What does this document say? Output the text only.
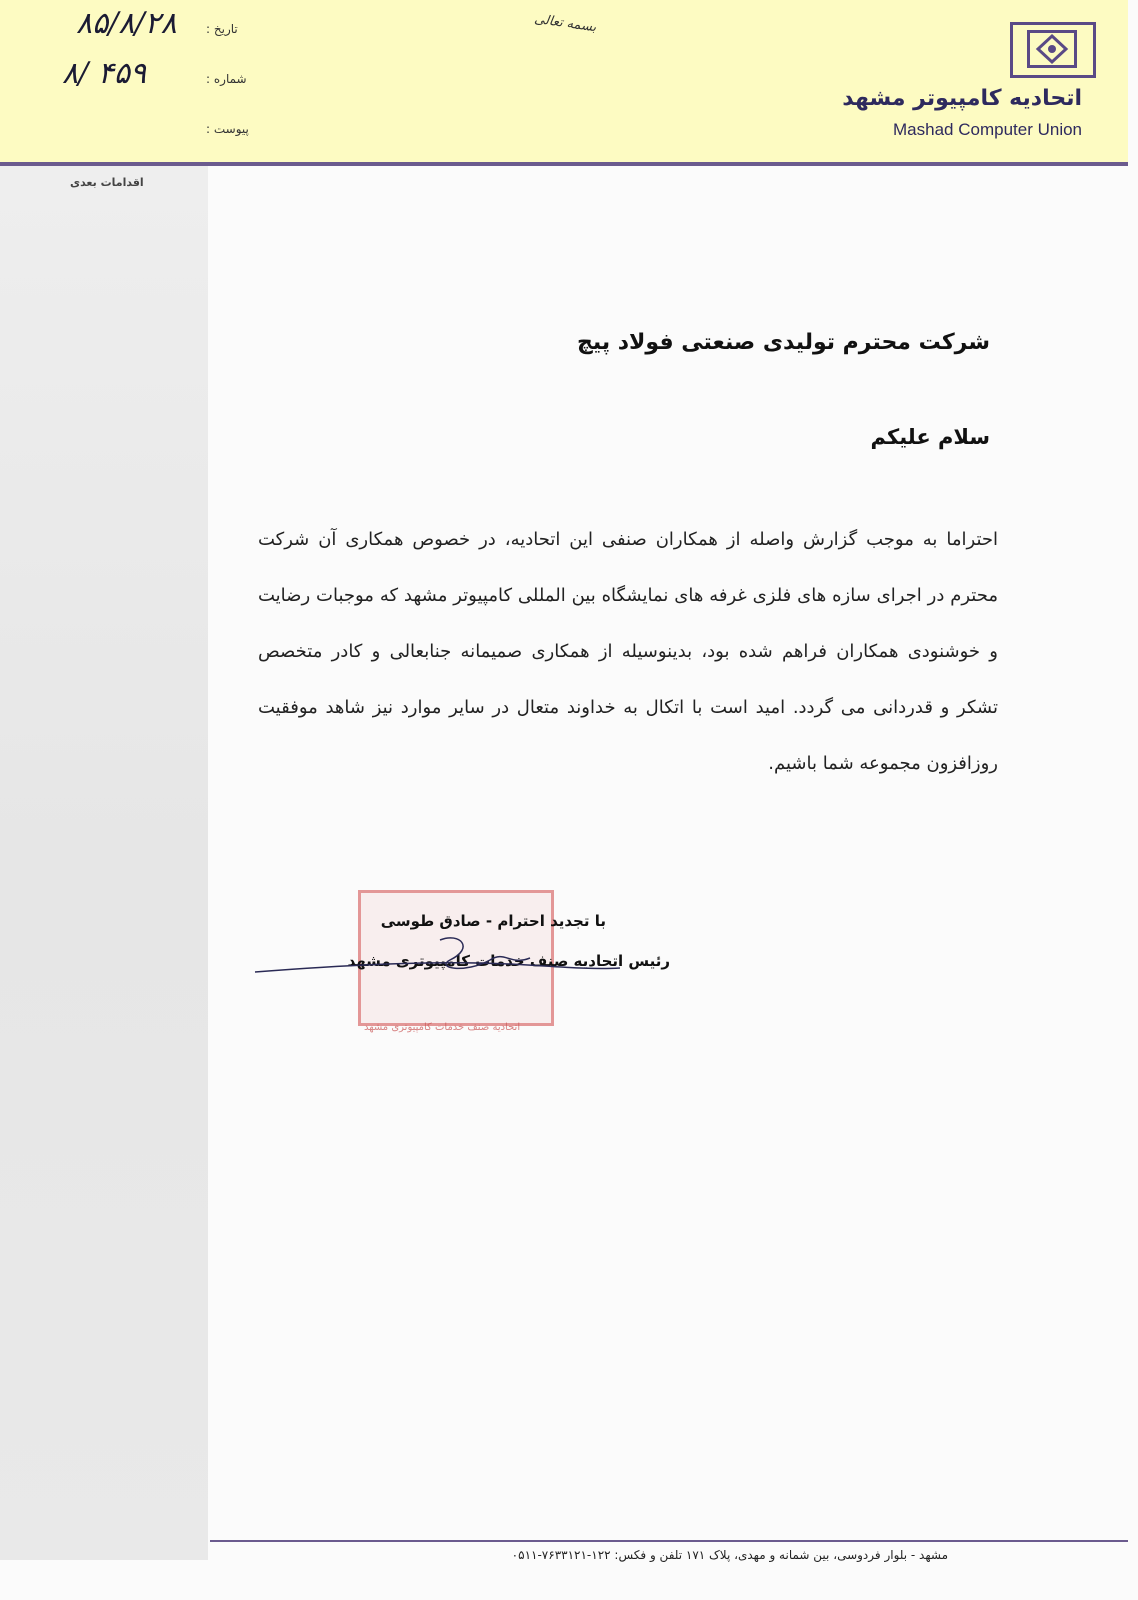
اتحادیه کامپیوتر مشهد
Mashad Computer Union
تاریخ :
شماره :
پیوست :
۸۵/۸/۲۸
۸/ ۴۵۹
بسمه تعالی
اقدامات بعدی
شرکت محترم تولیدی صنعتی فولاد پیچ
سلام علیکم
احتراما به موجب گزارش واصله از همکاران صنفی این اتحادیه، در خصوص همکاری آن شرکت محترم در اجرای سازه های فلزی غرفه های نمایشگاه بین المللی کامپیوتر مشهد که موجبات رضایت و خوشنودی همکاران فراهم شده بود، بدینوسیله از همکاری صمیمانه جنابعالی و کادر متخصص تشکر و قدردانی می گردد. امید است با اتکال به خداوند متعال در سایر موارد نیز شاهد موفقیت روزافزون مجموعه شما باشیم.
اتحادیه صنف خدمات کامپیوتری مشهد
با تجدید احترام - صادق طوسی
رئیس اتحادیه صنف خدمات کامپیوتری مشهد
مشهد - بلوار فردوسی، بین شمانه و مهدی، پلاک ۱۷۱ تلفن و فکس: ۱۲۲-۷۶۳۳۱۲۱-۰۵۱۱
